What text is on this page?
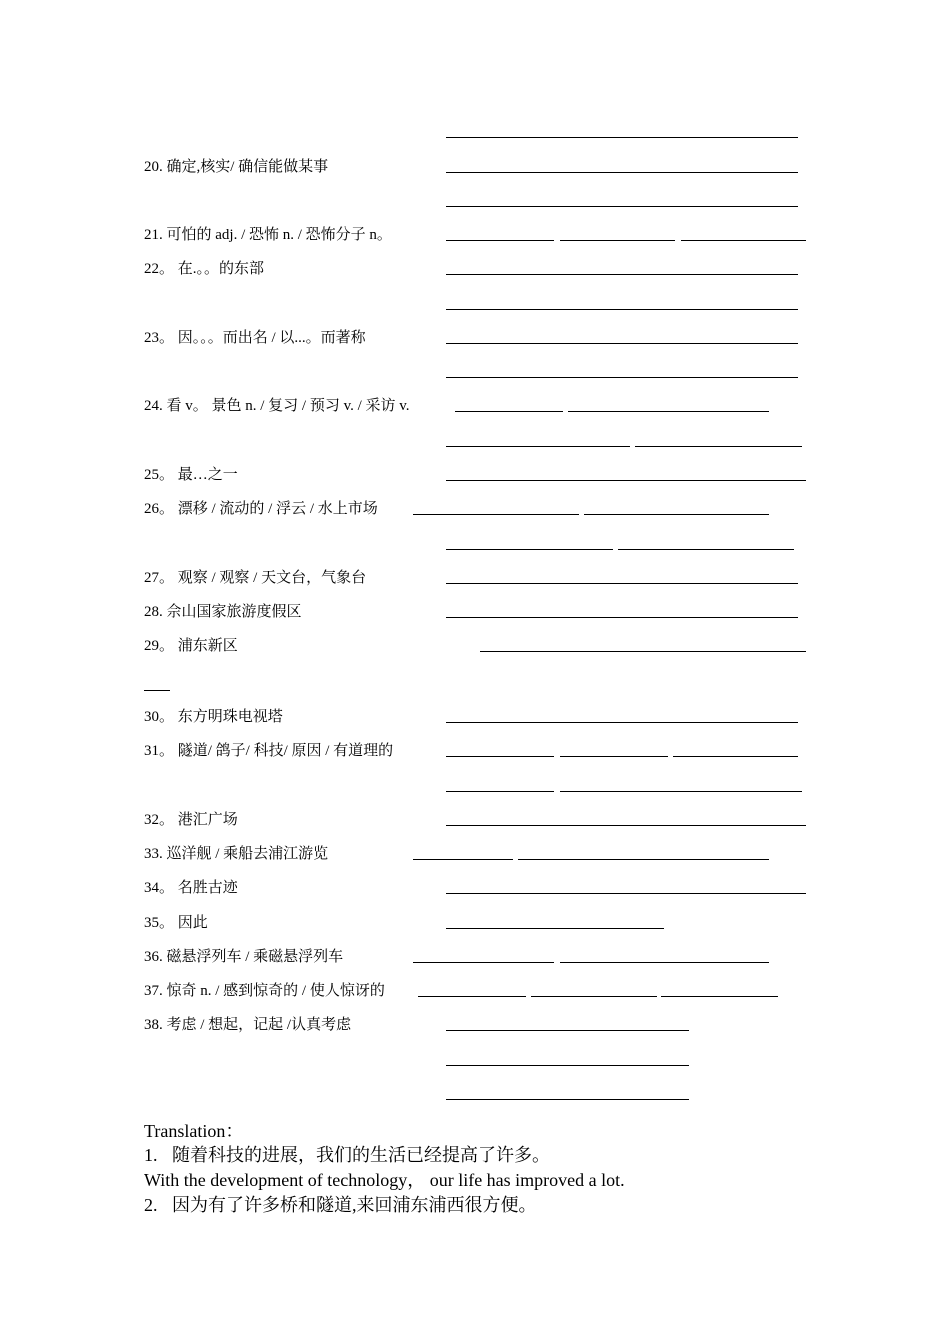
20. 确定,核实/ 确信能做某事
21. 可怕的 adj. / 恐怖 n. / 恐怖分子 n。
22。 在.。。的东部
23。 因。。。而出名 / 以...。而著称
24. 看 v。 景色 n. / 复习 / 预习 v. / 采访 v.
25。 最…之一
26。 漂移 / 流动的 / 浮云 / 水上市场
27。 观察 / 观察 / 天文台，气象台
28. 佘山国家旅游度假区
29。 浦东新区
30。 东方明珠电视塔
31。 隧道/ 鸽子/ 科技/ 原因 / 有道理的
32。 港汇广场
33. 巡洋舰 / 乘船去浦江游览
34。 名胜古迹
35。 因此
36. 磁悬浮列车 / 乘磁悬浮列车
37. 惊奇 n. / 感到惊奇的 / 使人惊讶的
38. 考虑 / 想起，记起 /认真考虑
Translation：
1. 随着科技的进展，我们的生活已经提高了许多。
With the development of technology， our life has improved a lot.
2. 因为有了许多桥和隧道,来回浦东浦西很方便。
